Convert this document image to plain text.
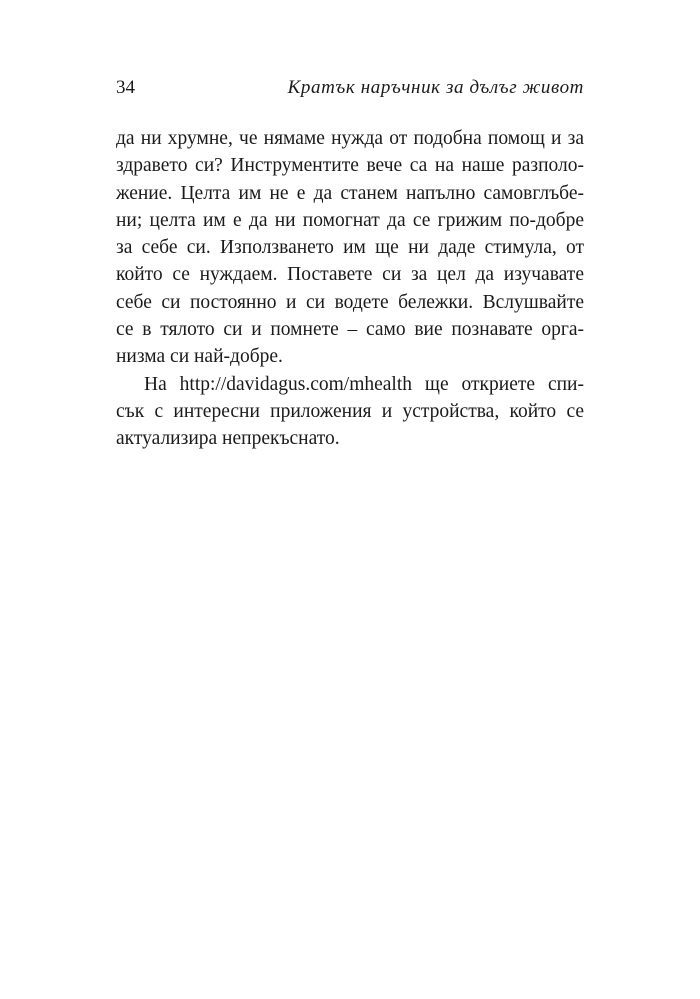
34	Кратък наръчник за дълъг живот
да ни хрумне, че нямаме нужда от подобна помощ и за
здравето си? Инструментите вече са на наше разполо-
жение. Целта им не е да станем напълно самовглъбе-
ни; целта им е да ни помогнат да се грижим по-добре
за себе си. Използването им ще ни даде стимула, от
който се нуждаем. Поставете си за цел да изучавате
себе си постоянно и си водете бележки. Вслушвайте
се в тялото си и помнете – само вие познавате орга-
низма си най-добре.
На http://davidagus.com/mhealth ще откриете спи-
сък с интересни приложения и устройства, който се
актуализира непрекъснато.
